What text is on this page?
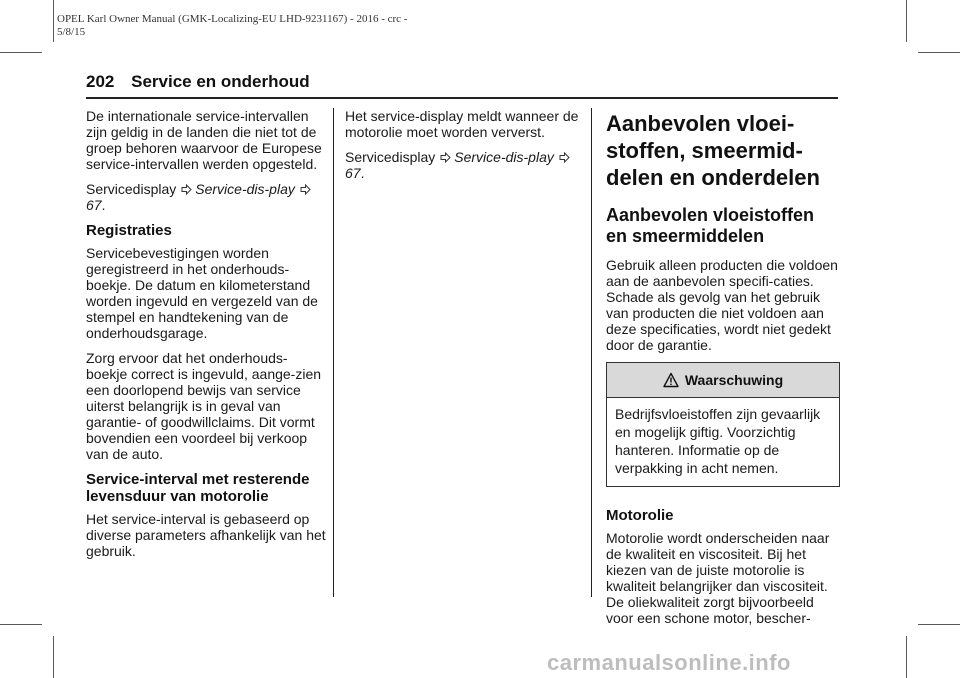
OPEL Karl Owner Manual (GMK-Localizing-EU LHD-9231167) - 2016 - crc -
5/8/15
202 Service en onderhoud

De internationale service-intervallen zijn geldig in de landen die niet tot de groep behoren waarvoor de Europese service-intervallen werden opgesteld.

Servicedisplay Service-dis-play
67.

Registraties

Servicebevestigingen worden geregistreerd in het onderhouds-boekje. De datum en kilometerstand worden ingevuld en vergezeld van de stempel en handtekening van de onderhoudsgarage.

Zorg ervoor dat het onderhouds-boekje correct is ingevuld, aange-zien een doorlopend bewijs van service uiterst belangrijk is in geval van garantie- of goodwillclaims. Dit vormt bovendien een voordeel bij verkoop van de auto.

Service-interval met resterende levensduur van motorolie

Het service-interval is gebaseerd op diverse parameters afhankelijk van het gebruik.

Het service-display meldt wanneer de motorolie moet worden ververst.

Servicedisplay Service-dis-play
67.

Aanbevolen vloei-stoffen, smeermid-delen en onderdelen
Aanbevolen vloeistoffen en smeermiddelen

Gebruik alleen producten die voldoen aan de aanbevolen specifi-caties. Schade als gevolg van het gebruik van producten die niet voldoen aan deze specificaties, wordt niet gedekt door de garantie.

Waarschuwing
Bedrijfsvloeistoffen zijn gevaarlijk en mogelijk giftig. Voorzichtig hanteren. Informatie op de verpakking in acht nemen.
Motorolie

Motorolie wordt onderscheiden naar de kwaliteit en viscositeit. Bij het kiezen van de juiste motorolie is kwaliteit belangrijker dan viscositeit. De oliekwaliteit zorgt bijvoorbeeld voor een schone motor, bescher-

carmanualsonline.info
